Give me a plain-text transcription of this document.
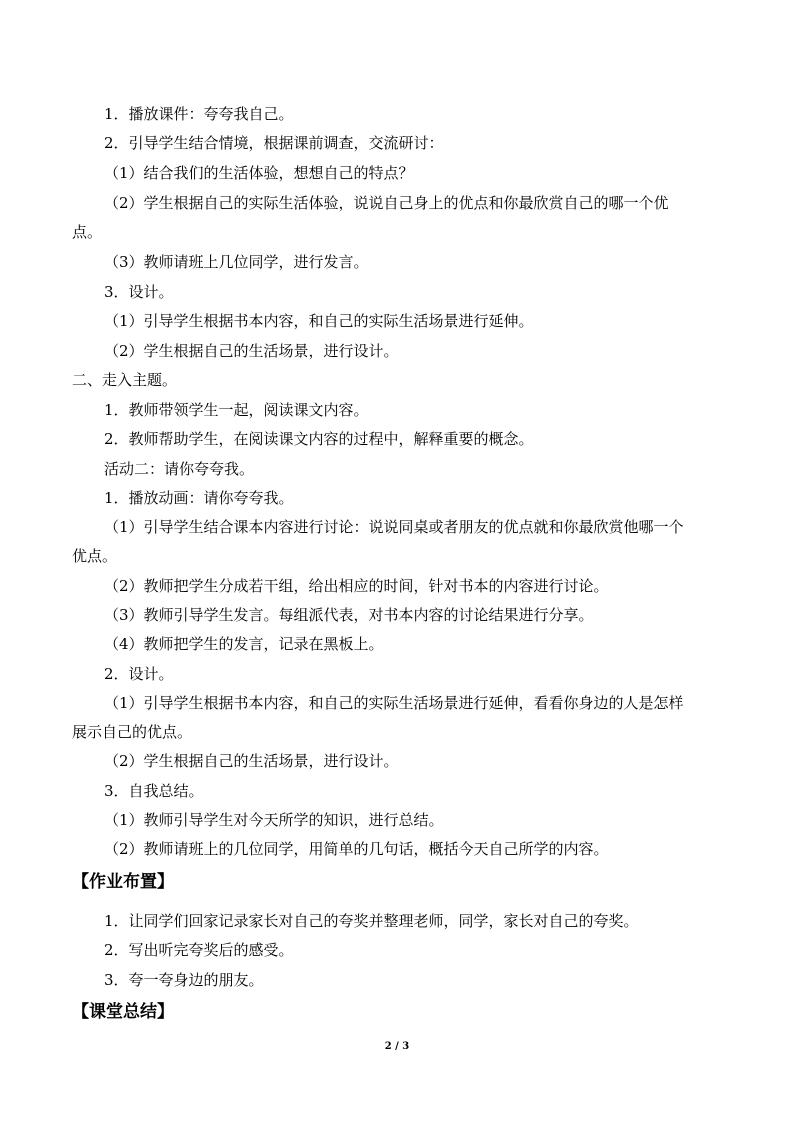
1．播放课件：夸夸我自己。
2．引导学生结合情境，根据课前调查，交流研讨：
（1）结合我们的生活体验，想想自己的特点？
（2）学生根据自己的实际生活体验，说说自己身上的优点和你最欣赏自己的哪一个优
点。
（3）教师请班上几位同学，进行发言。
3．设计。
（1）引导学生根据书本内容，和自己的实际生活场景进行延伸。
（2）学生根据自己的生活场景，进行设计。
二、走入主题。
1．教师带领学生一起，阅读课文内容。
2．教师帮助学生，在阅读课文内容的过程中，解释重要的概念。
活动二：请你夸夸我。
1．播放动画：请你夸夸我。
（1）引导学生结合课本内容进行讨论：说说同桌或者朋友的优点就和你最欣赏他哪一个
优点。
（2）教师把学生分成若干组，给出相应的时间，针对书本的内容进行讨论。
（3）教师引导学生发言。每组派代表，对书本内容的讨论结果进行分享。
（4）教师把学生的发言，记录在黑板上。
2．设计。
（1）引导学生根据书本内容，和自己的实际生活场景进行延伸，看看你身边的人是怎样
展示自己的优点。
（2）学生根据自己的生活场景，进行设计。
3．自我总结。
（1）教师引导学生对今天所学的知识，进行总结。
（2）教师请班上的几位同学，用简单的几句话，概括今天自己所学的内容。
【作业布置】
1．让同学们回家记录家长对自己的夸奖并整理老师，同学，家长对自己的夸奖。
2．写出听完夸奖后的感受。
3．夸一夸身边的朋友。
【课堂总结】
2 / 3
